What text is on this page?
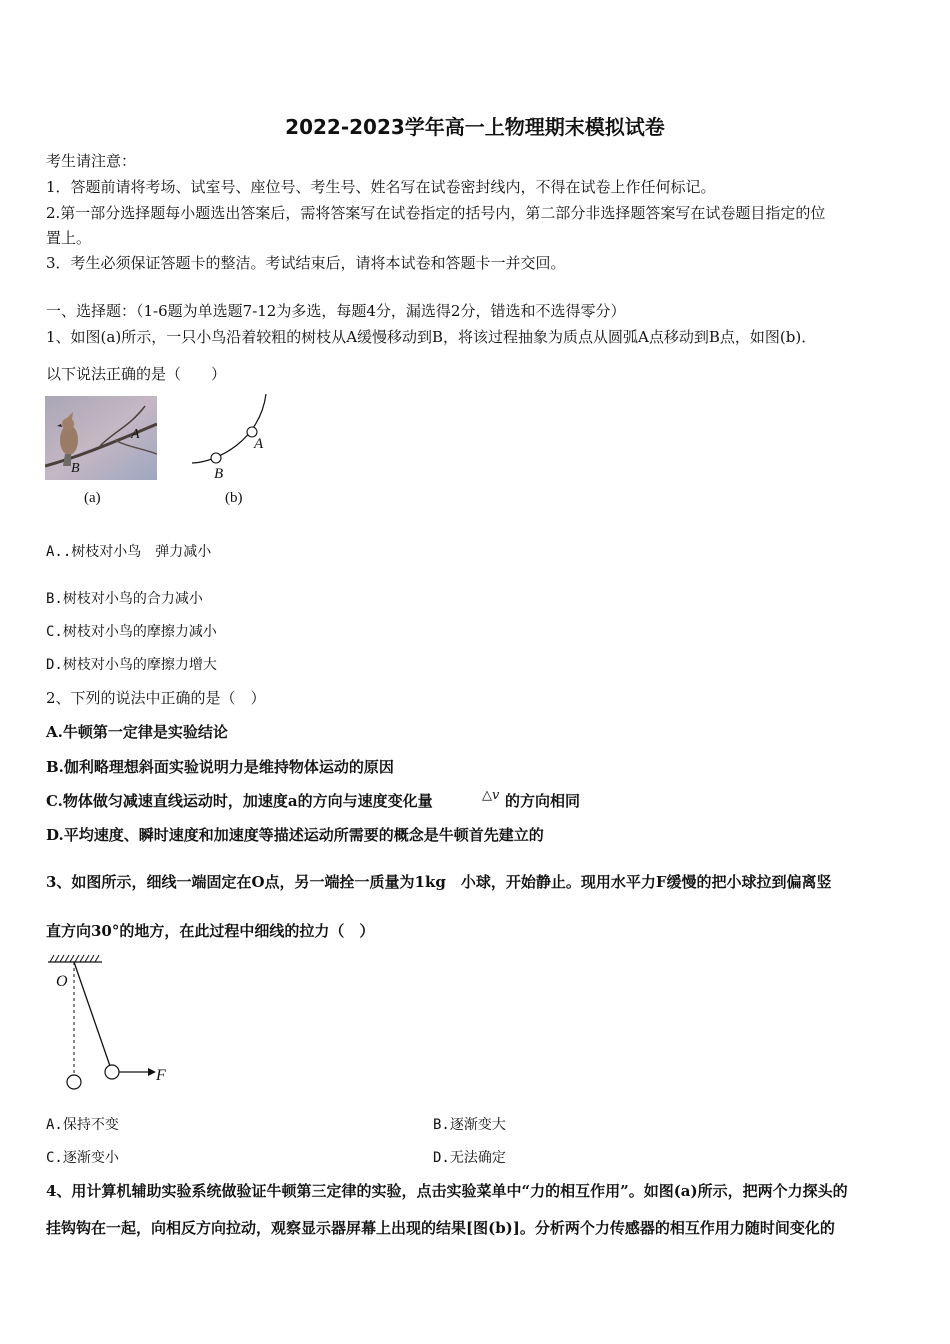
2022-2023学年高一上物理期末模拟试卷
考生请注意：
1．答题前请将考场、试室号、座位号、考生号、姓名写在试卷密封线内，不得在试卷上作任何标记。
2.第一部分选择题每小题选出答案后，需将答案写在试卷指定的括号内，第二部分非选择题答案写在试卷题目指定的位
置上。
3．考生必须保证答题卡的整洁。考试结束后，请将本试卷和答题卡一并交回。
一、选择题：（1-6题为单选题7-12为多选，每题4分，漏选得2分，错选和不选得零分）
1、如图(a)所示，一只小鸟沿着较粗的树枝从A缓慢移动到B，将该过程抽象为质点从圆弧A点移动到B点，如图(b)．
以下说法正确的是（　　）
A
B
(a)
A
B
(b)
A..树枝对小鸟　弹力减小
B.树枝对小鸟的合力减小
C.树枝对小鸟的摩擦力减小
D.树枝对小鸟的摩擦力增大
2、下列的说法中正确的是（　）
A.牛顿第一定律是实验结论
B.伽利略理想斜面实验说明力是维持物体运动的原因
C.物体做匀减速直线运动时，加速度a的方向与速度变化量	△v 的方向相同
D.平均速度、瞬时速度和加速度等描述运动所需要的概念是牛顿首先建立的
3、如图所示，细线一端固定在O点，另一端拴一质量为1kg　小球，开始静止。现用水平力F缓慢的把小球拉到偏离竖
直方向30°的地方，在此过程中细线的拉力（　）
O
F
A.保持不变	B.逐渐变大
C.逐渐变小	D.无法确定
4、用计算机辅助实验系统做验证牛顿第三定律的实验，点击实验菜单中“力的相互作用”。如图(a)所示，把两个力探头的
挂钩钩在一起，向相反方向拉动，观察显示器屏幕上出现的结果[图(b)]。分析两个力传感器的相互作用力随时间变化的
